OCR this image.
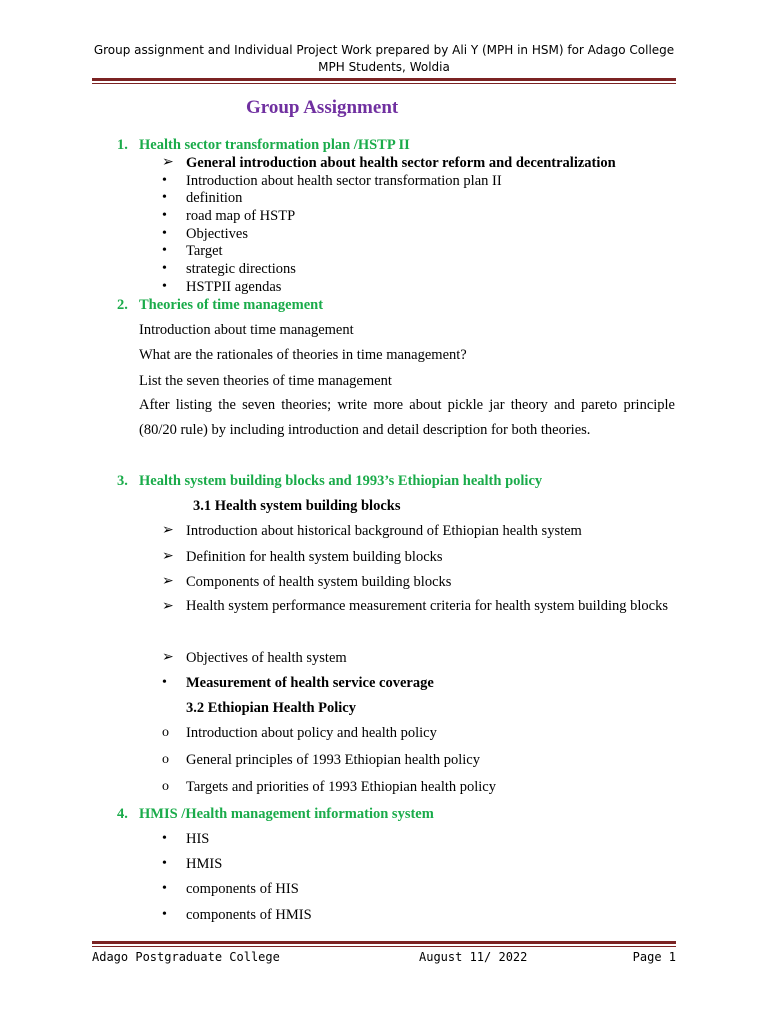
Group assignment and Individual Project Work prepared by Ali Y (MPH in HSM) for Adago College
MPH Students, Woldia
Group Assignment
1. Health sector transformation plan /HSTP II
➢ General introduction about health sector reform and decentralization
• Introduction about health sector transformation plan II
• definition
• road map of HSTP
• Objectives
• Target
• strategic directions
• HSTPII agendas
2. Theories of time management
Introduction about time management
What are the rationales of theories in time management?
List the seven theories of time management
After listing the seven theories; write more about pickle jar theory and pareto principle (80/20 rule) by including introduction and detail description for both theories.
3. Health system building blocks and 1993’s Ethiopian health policy
3.1 Health system building blocks
➢ Introduction about historical background of Ethiopian health system
➢ Definition for health system building blocks
➢ Components of health system building blocks
➢ Health system performance measurement criteria for health system building blocks
➢ Objectives of health system
• Measurement of health service coverage
3.2 Ethiopian Health Policy
o Introduction about policy and health policy
o General principles of 1993 Ethiopian health policy
o Targets and priorities of 1993 Ethiopian health policy
4. HMIS /Health management information system
• HIS
• HMIS
• components of HIS
• components of HMIS
Adago Postgraduate College	August 11/ 2022	Page 1
